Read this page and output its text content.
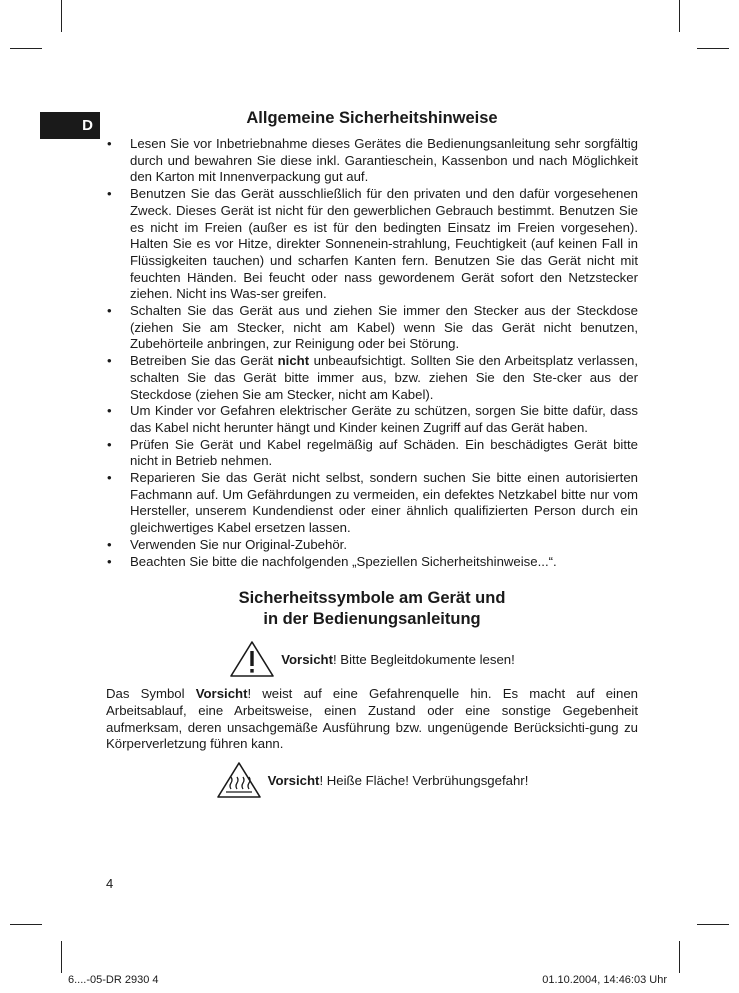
D	Allgemeine Sicherheitshinweise
• Lesen Sie vor Inbetriebnahme dieses Gerätes die Bedienungsanleitung sehr sorgfältig durch und bewahren Sie diese inkl. Garantieschein, Kassenbon und nach Möglichkeit den Karton mit Innenverpackung gut auf.
• Benutzen Sie das Gerät ausschließlich für den privaten und den dafür vorgesehenen Zweck. Dieses Gerät ist nicht für den gewerblichen Gebrauch bestimmt. Benutzen Sie es nicht im Freien (außer es ist für den bedingten Einsatz im Freien vorgesehen). Halten Sie es vor Hitze, direkter Sonnenein-strahlung, Feuchtigkeit (auf keinen Fall in Flüssigkeiten tauchen) und scharfen Kanten fern. Benutzen Sie das Gerät nicht mit feuchten Händen. Bei feucht oder nass gewordenem Gerät sofort den Netzstecker ziehen. Nicht ins Was-ser greifen.
• Schalten Sie das Gerät aus und ziehen Sie immer den Stecker aus der Steckdose (ziehen Sie am Stecker, nicht am Kabel) wenn Sie das Gerät nicht benutzen, Zubehörteile anbringen, zur Reinigung oder bei Störung.
• Betreiben Sie das Gerät nicht unbeaufsichtigt. Sollten Sie den Arbeitsplatz verlassen, schalten Sie das Gerät bitte immer aus, bzw. ziehen Sie den Ste-cker aus der Steckdose (ziehen Sie am Stecker, nicht am Kabel).
• Um Kinder vor Gefahren elektrischer Geräte zu schützen, sorgen Sie bitte dafür, dass das Kabel nicht herunter hängt und Kinder keinen Zugriff auf das Gerät haben.
• Prüfen Sie Gerät und Kabel regelmäßig auf Schäden. Ein beschädigtes Gerät bitte nicht in Betrieb nehmen.
• Reparieren Sie das Gerät nicht selbst, sondern suchen Sie bitte einen autorisierten Fachmann auf. Um Gefährdungen zu vermeiden, ein defektes Netzkabel bitte nur vom Hersteller, unserem Kundendienst oder einer ähnlich qualifizierten Person durch ein gleichwertiges Kabel ersetzen lassen.
• Verwenden Sie nur Original-Zubehör.
• Beachten Sie bitte die nachfolgenden „Speziellen Sicherheitshinweise...“.
Sicherheitssymbole am Gerät und
in der Bedienungsanleitung
Vorsicht! Bitte Begleitdokumente lesen!

Das Symbol Vorsicht! weist auf eine Gefahrenquelle hin. Es macht auf einen Arbeitsablauf, eine Arbeitsweise, einen Zustand oder eine sonstige Gegebenheit aufmerksam, deren unsachgemäße Ausführung bzw. ungenügende Berücksichti-gung zu Körperverletzung führen kann.

Vorsicht! Heiße Fläche! Verbrühungsgefahr!
4
6....-05-DR 2930 4	01.10.2004, 14:46:03 Uhr
